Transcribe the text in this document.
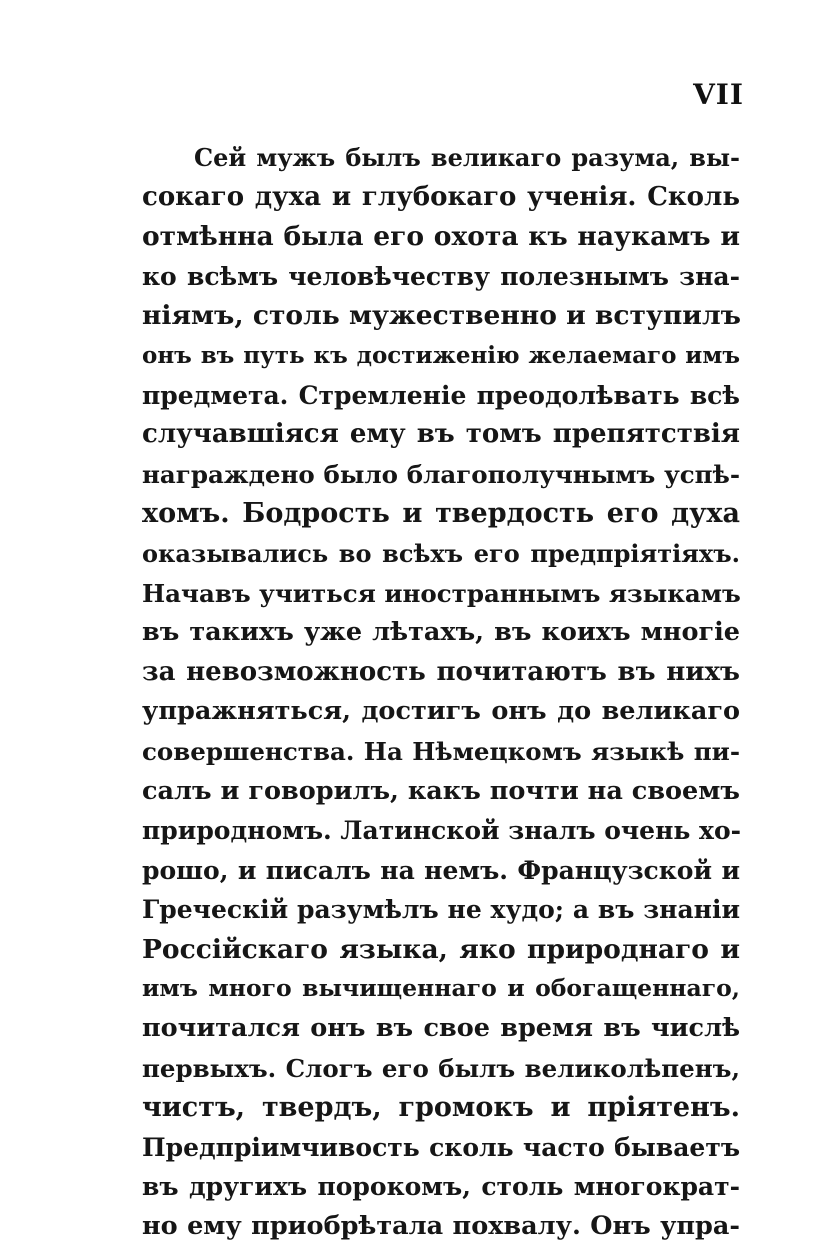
VII
Сей мужъ былъ великаго разума, вы-
сокаго духа и глубокаго ученія. Сколь
отмѣнна была его охота къ наукамъ и
ко всѣмъ человѣчеству полезнымъ зна-
ніямъ, столь мужественно и вступилъ
онъ въ путь къ достиженію желаемаго имъ
предмета. Стремленіе преодолѣвать всѣ
случавшіяся ему въ томъ препятствія
награждено было благополучнымъ успѣ-
хомъ. Бодрость и твердость его духа
оказывались во всѣхъ его предпріятіяхъ.
Начавъ учиться иностраннымъ языкамъ
въ такихъ уже лѣтахъ, въ коихъ многіе
за невозможность почитаютъ въ нихъ
упражняться, достигъ онъ до великаго
совершенства. На Нѣмецкомъ языкѣ пи-
салъ и говорилъ, какъ почти на своемъ
природномъ. Латинской зналъ очень хо-
рошо, и писалъ на немъ. Французской и
Греческій разумѣлъ не худо; а въ знаніи
Россійскаго языка, яко природнаго и
имъ много вычищеннаго и обогащеннаго,
почитался онъ въ свое время въ числѣ
первыхъ. Слогъ его былъ великолѣпенъ,
чистъ, твердъ, громокъ и пріятенъ.
Предпріимчивость сколь часто бываетъ
въ другихъ порокомъ, столь многократ-
но ему приобрѣтала похвалу. Онъ упра-
